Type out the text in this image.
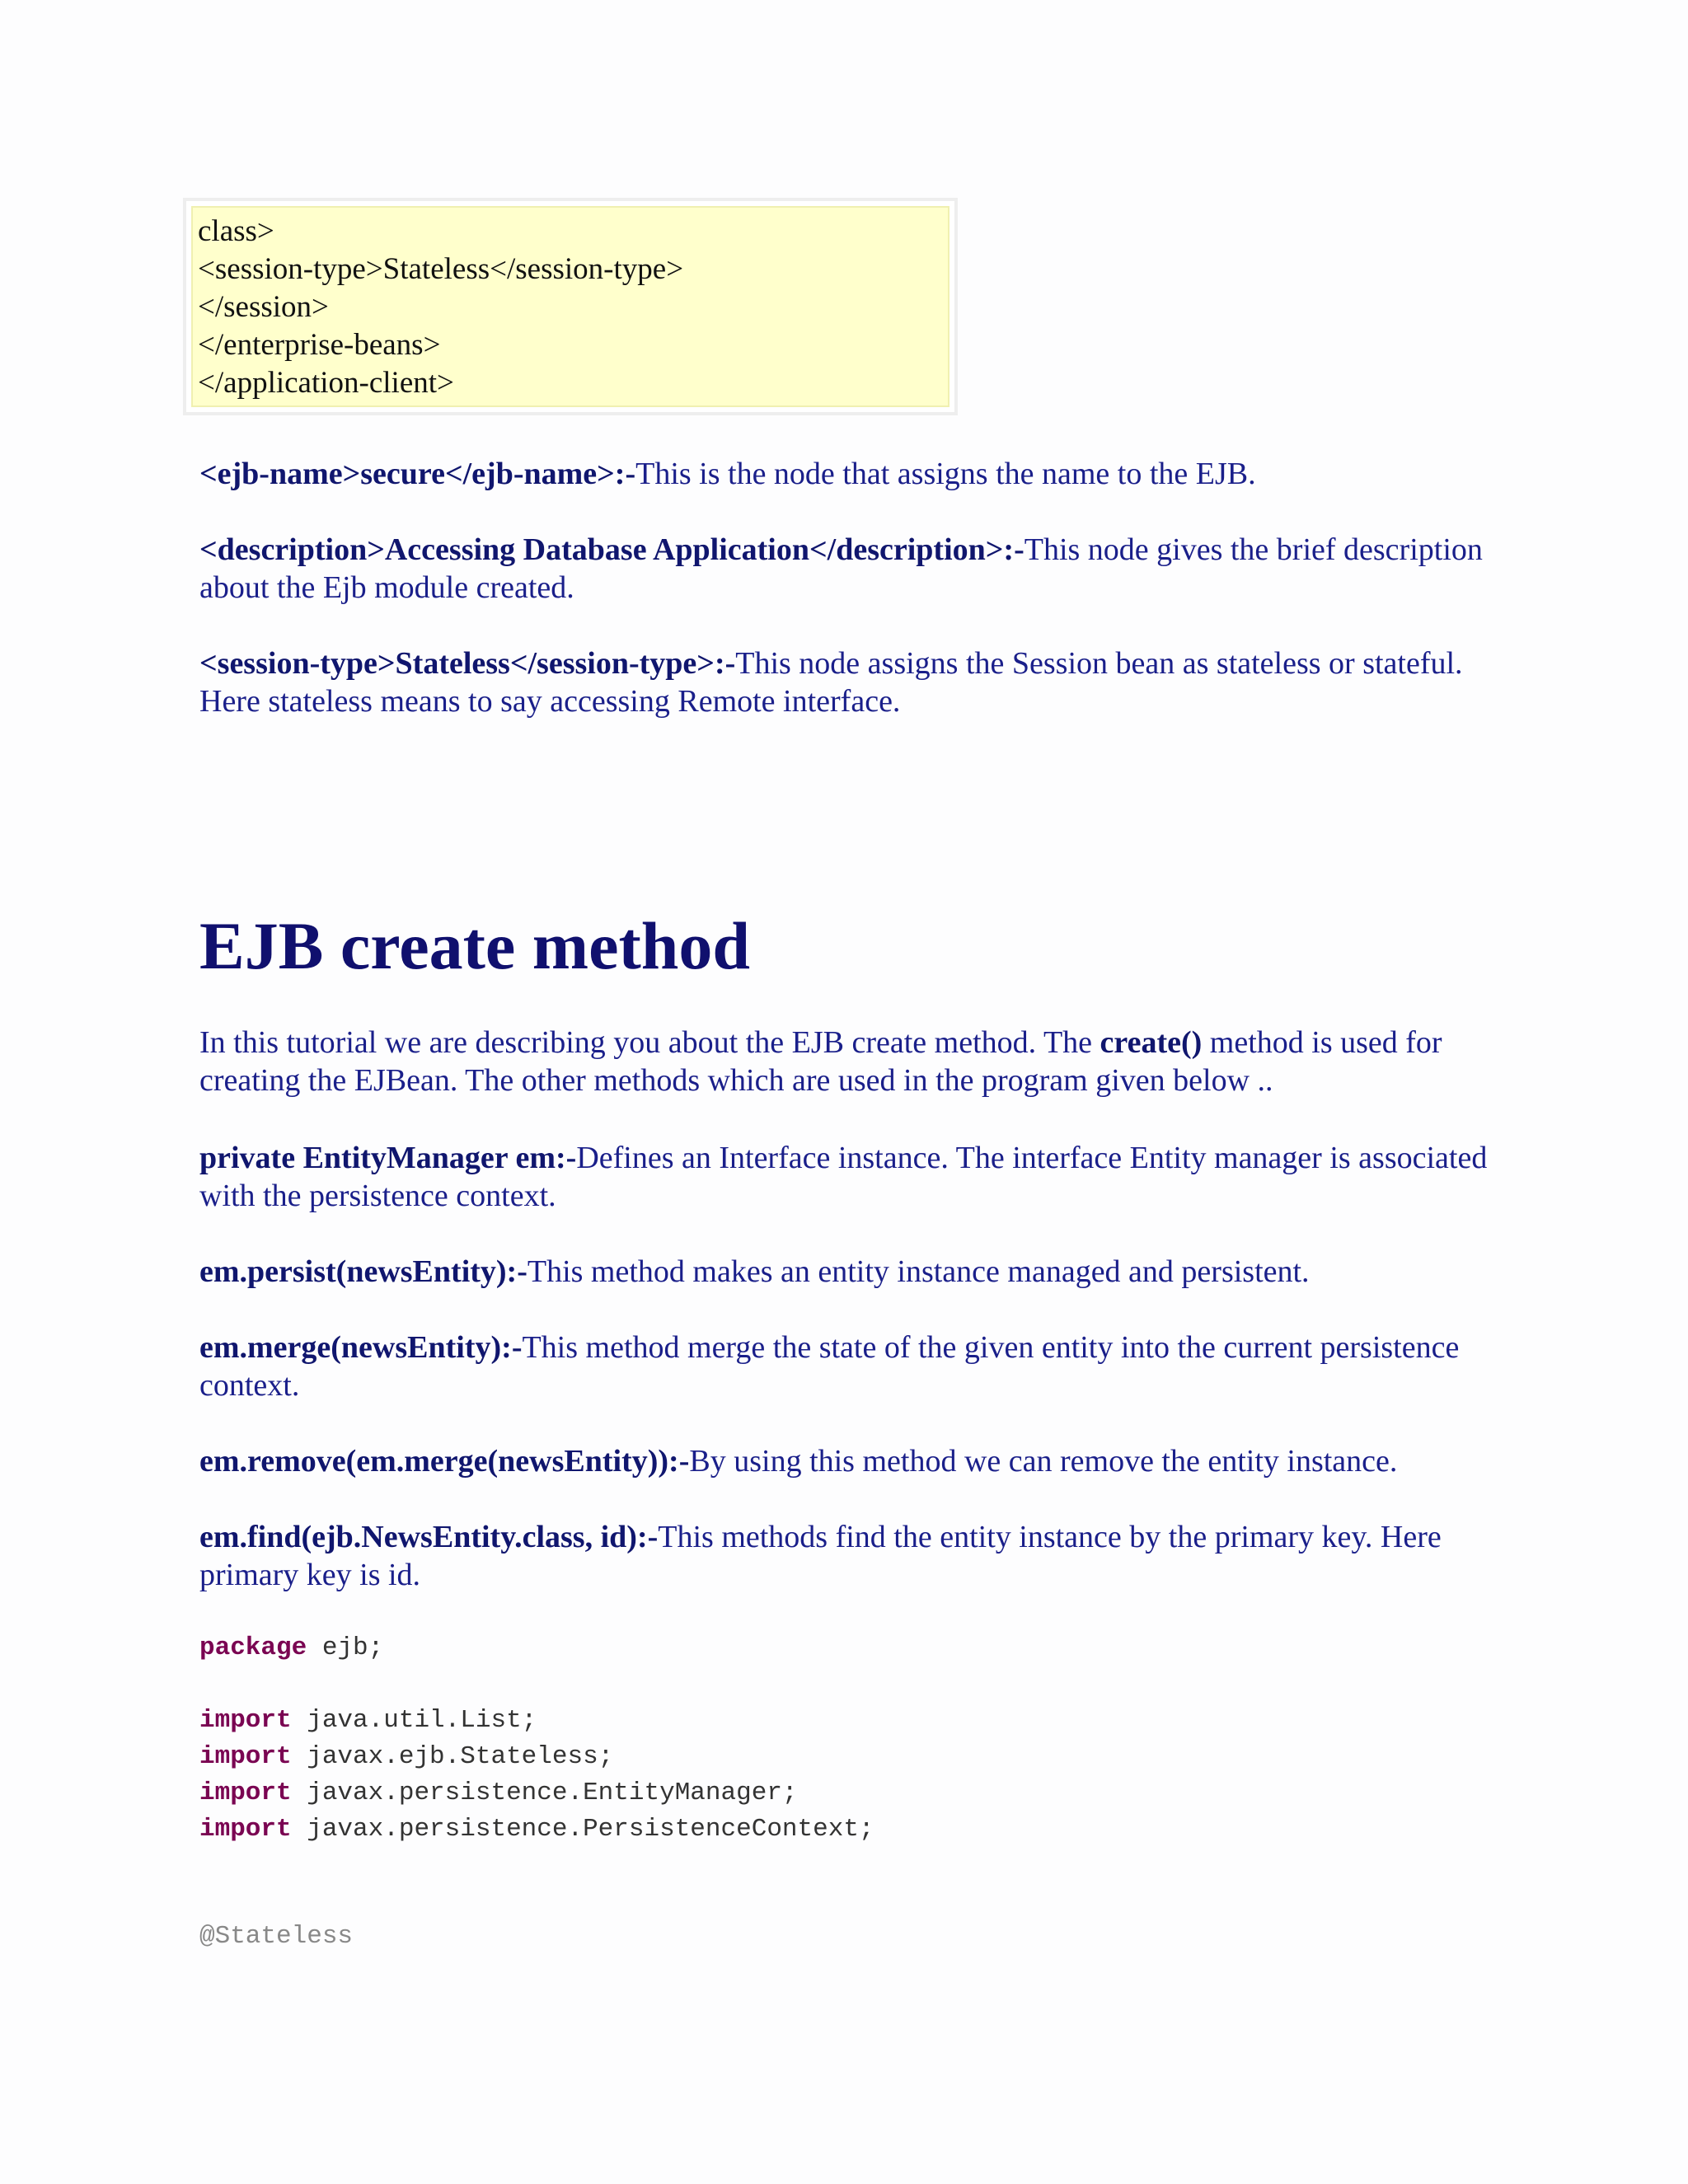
class>
<session-type>Stateless</session-type>
</session>
</enterprise-beans>
</application-client>
<ejb-name>secure</ejb-name>:-This is the node that assigns the name to the EJB.
<description>Accessing Database Application</description>:-This node gives the brief description about the Ejb module created.
<session-type>Stateless</session-type>:-This node assigns the Session bean as stateless or stateful. Here stateless means to say accessing Remote interface.
EJB create method
In this tutorial we are describing you about the EJB create method. The create() method is used for creating the EJBean. The other methods which are used in the program given below ..
private EntityManager em:-Defines an Interface instance. The interface Entity manager is associated with the persistence context.
em.persist(newsEntity):-This method makes an entity instance managed and persistent.
em.merge(newsEntity):-This method merge the state of the given entity into the current persistence context.
em.remove(em.merge(newsEntity)):-By using this method we can remove the entity instance.
em.find(ejb.NewsEntity.class, id):-This methods find the entity instance by the primary key. Here primary key is id.
package ejb;
import java.util.List;
import javax.ejb.Stateless;
import javax.persistence.EntityManager;
import javax.persistence.PersistenceContext;
@Stateless
